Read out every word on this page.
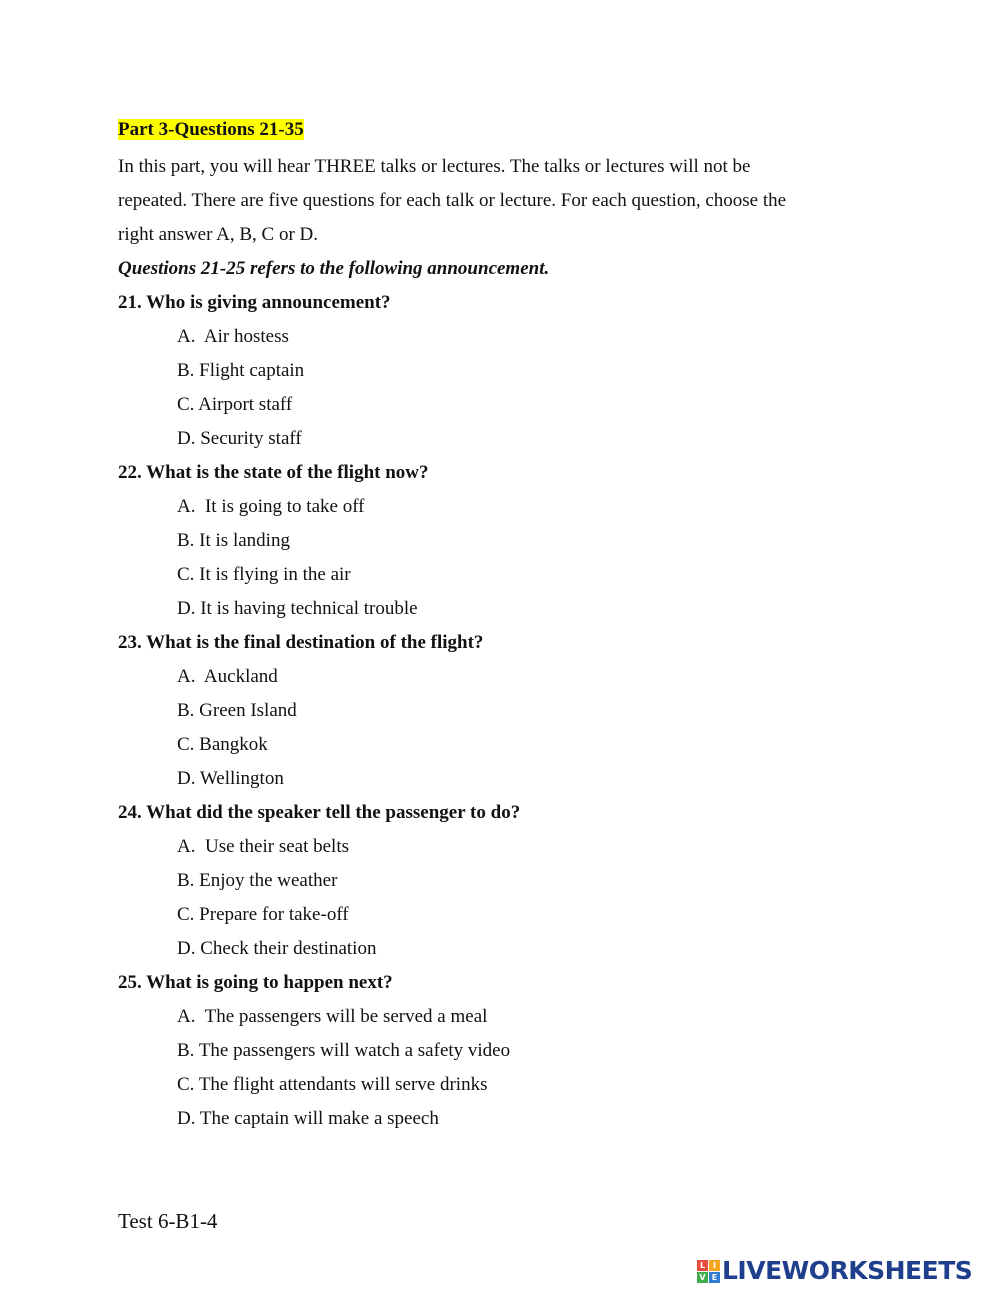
Part 3-Questions 21-35
In this part, you will hear THREE talks or lectures. The talks or lectures will not be
repeated. There are five questions for each talk or lecture. For each question, choose the
right answer A, B, C or D.
Questions 21-25 refers to the following announcement.
21. Who is giving announcement?
A.  Air hostess
B. Flight captain
C. Airport staff
D. Security staff
22. What is the state of the flight now?
A.  It is going to take off
B. It is landing
C. It is flying in the air
D. It is having technical trouble
23. What is the final destination of the flight?
A.  Auckland
B. Green Island
C. Bangkok
D. Wellington
24. What did the speaker tell the passenger to do?
A.  Use their seat belts
B. Enjoy the weather
C. Prepare for take-off
D. Check their destination
25. What is going to happen next?
A.  The passengers will be served a meal
B. The passengers will watch a safety video
C. The flight attendants will serve drinks
D. The captain will make a speech
Test 6-B1-4
L I
V E LIVEWORKSHEETS
